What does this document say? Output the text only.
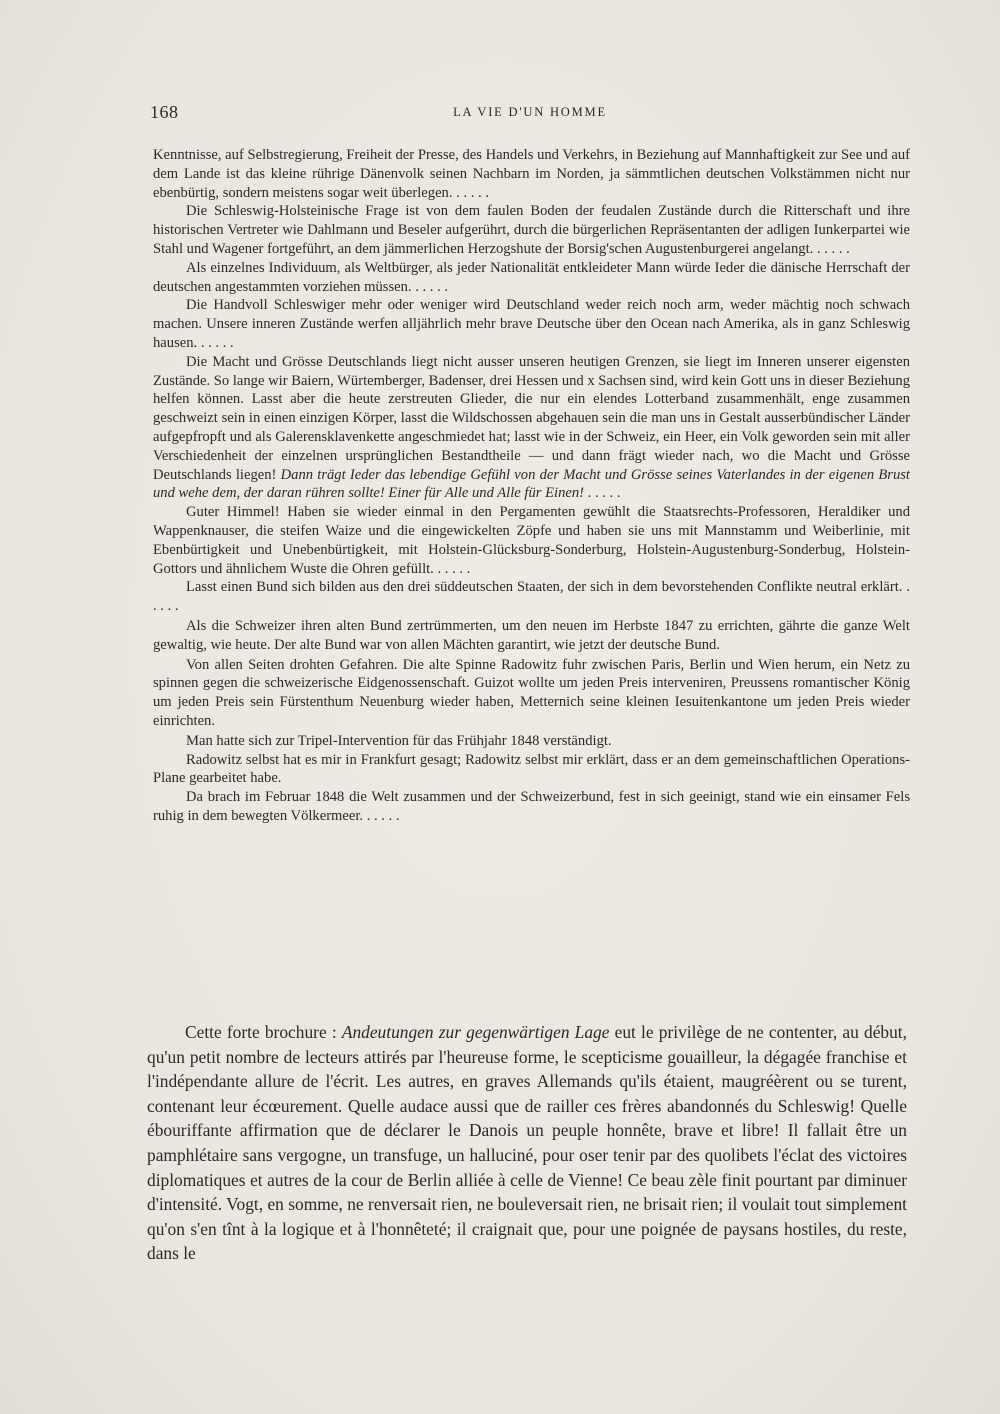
168	LA VIE D'UN HOMME

Kenntnisse, auf Selbstregierung, Freiheit der Presse, des Handels und Verkehrs, in Beziehung auf Mannhaftigkeit zur See und auf dem Lande ist das kleine rührige Dänenvolk seinen Nachbarn im Norden, ja sämmtlichen deutschen Volkstämmen nicht nur ebenbürtig, sondern meistens sogar weit überlegen. . . . . .

Die Schleswig-Holsteinische Frage ist von dem faulen Boden der feudalen Zustände durch die Ritterschaft und ihre historischen Vertreter wie Dahlmann und Beseler aufgerührt, durch die bürgerlichen Repräsentanten der adligen Iunkerpartei wie Stahl und Wagener fortgeführt, an dem jämmerlichen Herzogshute der Borsig'schen Augustenburgerei angelangt. . . . . .

Als einzelnes Individuum, als Weltbürger, als jeder Nationalität entkleideter Mann würde Ieder die dänische Herrschaft der deutschen angestammten vorziehen müssen. . . . . .

Die Handvoll Schleswiger mehr oder weniger wird Deutschland weder reich noch arm, weder mächtig noch schwach machen. Unsere inneren Zustände werfen alljährlich mehr brave Deutsche über den Ocean nach Amerika, als in ganz Schleswig hausen. . . . . .

Die Macht und Grösse Deutschlands liegt nicht ausser unseren heutigen Grenzen, sie liegt im Inneren unserer eigensten Zustände. So lange wir Baiern, Würtemberger, Badenser, drei Hessen und x Sachsen sind, wird kein Gott uns in dieser Beziehung helfen können. Lasst aber die heute zerstreuten Glieder, die nur ein elendes Lotterband zusammenhält, enge zusammen geschweizt sein in einen einzigen Körper, lasst die Wildschossen abgehauen sein die man uns in Gestalt ausserbündischer Länder aufgepfropft und als Galerensklavenkette angeschmiedet hat; lasst wie in der Schweiz, ein Heer, ein Volk geworden sein mit aller Verschiedenheit der einzelnen ursprünglichen Bestandtheile — und dann frägt wieder nach, wo die Macht und Grösse Deutschlands liegen! Dann trägt Ieder das lebendige Gefühl von der Macht und Grösse seines Vaterlandes in der eigenen Brust und wehe dem, der daran rühren sollte! Einer für Alle und Alle für Einen! . . . . .

Guter Himmel! Haben sie wieder einmal in den Pergamenten gewühlt die Staatsrechts-Professoren, Heraldiker und Wappenknauser, die steifen Waize und die eingewickelten Zöpfe und haben sie uns mit Mannstamm und Weiberlinie, mit Ebenbürtigkeit und Unebenbürtigkeit, mit Holstein-Glücksburg-Sonderburg, Holstein-Augustenburg-Sonderbug, Holstein-Gottors und ähnlichem Wuste die Ohren gefüllt. . . . . .

Lasst einen Bund sich bilden aus den drei süddeutschen Staaten, der sich in dem bevorstehenden Conflikte neutral erklärt. . . . . .

Als die Schweizer ihren alten Bund zertrümmerten, um den neuen im Herbste 1847 zu errichten, gährte die ganze Welt gewaltig, wie heute. Der alte Bund war von allen Mächten garantirt, wie jetzt der deutsche Bund.

Von allen Seiten drohten Gefahren. Die alte Spinne Radowitz fuhr zwischen Paris, Berlin und Wien herum, ein Netz zu spinnen gegen die schweizerische Eidgenossenschaft. Guizot wollte um jeden Preis interveniren, Preussens romantischer König um jeden Preis sein Fürstenthum Neuenburg wieder haben, Metternich seine kleinen Iesuitenkantone um jeden Preis wieder einrichten.

Man hatte sich zur Tripel-Intervention für das Frühjahr 1848 verständigt.

Radowitz selbst hat es mir in Frankfurt gesagt; Radowitz selbst mir erklärt, dass er an dem gemeinschaftlichen Operations-Plane gearbeitet habe.

Da brach im Februar 1848 die Welt zusammen und der Schweizerbund, fest in sich geeinigt, stand wie ein einsamer Fels ruhig in dem bewegten Völkermeer. . . . . .

Cette forte brochure : Andeutungen zur gegenwärtigen Lage eut le privilège de ne contenter, au début, qu'un petit nombre de lecteurs attirés par l'heureuse forme, le scepticisme gouailleur, la dégagée franchise et l'indépendante allure de l'écrit. Les autres, en graves Allemands qu'ils étaient, maugréèrent ou se turent, contenant leur écœurement. Quelle audace aussi que de railler ces frères abandonnés du Schleswig! Quelle ébouriffante affirmation que de déclarer le Danois un peuple honnête, brave et libre! Il fallait être un pamphlétaire sans vergogne, un transfuge, un halluciné, pour oser tenir par des quolibets l'éclat des victoires diplomatiques et autres de la cour de Berlin alliée à celle de Vienne! Ce beau zèle finit pourtant par diminuer d'intensité. Vogt, en somme, ne renversait rien, ne bouleversait rien, ne brisait rien; il voulait tout simplement qu'on s'en tînt à la logique et à l'honnêteté; il craignait que, pour une poignée de paysans hostiles, du reste, dans le
